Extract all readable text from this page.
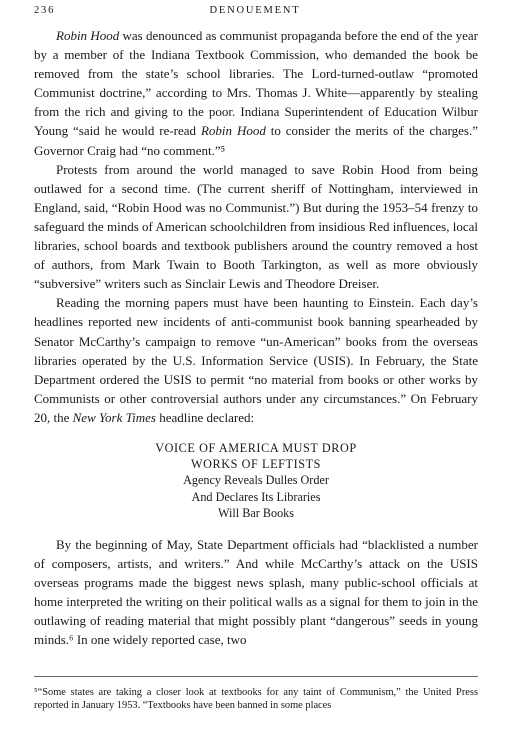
236	DENOUEMENT

Robin Hood was denounced as communist propaganda before the end of the year by a member of the Indiana Textbook Commission, who demanded the book be removed from the state’s school libraries. The Lord-turned-outlaw “promoted Communist doctrine,” according to Mrs. Thomas J. White—apparently by stealing from the rich and giving to the poor. Indiana Superintendent of Education Wilbur Young “said he would re-read Robin Hood to consider the merits of the charges.” Governor Craig had “no comment.”⁵

Protests from around the world managed to save Robin Hood from being outlawed for a second time. (The current sheriff of Nottingham, interviewed in England, said, “Robin Hood was no Communist.”) But during the 1953–54 frenzy to safeguard the minds of American schoolchildren from insidious Red influences, local libraries, school boards and textbook publishers around the country removed a host of authors, from Mark Twain to Booth Tarkington, as well as more obviously “subversive” writers such as Sinclair Lewis and Theodore Dreiser.

Reading the morning papers must have been haunting to Einstein. Each day’s headlines reported new incidents of anti-communist book banning spearheaded by Senator McCarthy’s campaign to remove “un-American” books from the overseas libraries operated by the U.S. Information Service (USIS). In February, the State Department ordered the USIS to permit “no material from books or other works by Communists or other controversial authors under any circumstances.” On February 20, the New York Times headline declared:

VOICE OF AMERICA MUST DROP
WORKS OF LEFTISTS
Agency Reveals Dulles Order
And Declares Its Libraries
Will Bar Books

By the beginning of May, State Department officials had “blacklisted a number of composers, artists, and writers.” And while McCarthy’s attack on the USIS overseas programs made the biggest news splash, many public-school officials at home interpreted the writing on their political walls as a signal for them to join in the outlawing of reading material that might possibly plant “dangerous” seeds in young minds.⁶ In one widely reported case, two

⁵“Some states are taking a closer look at textbooks for any taint of Communism,” the United Press reported in January 1953. “Textbooks have been banned in some places
